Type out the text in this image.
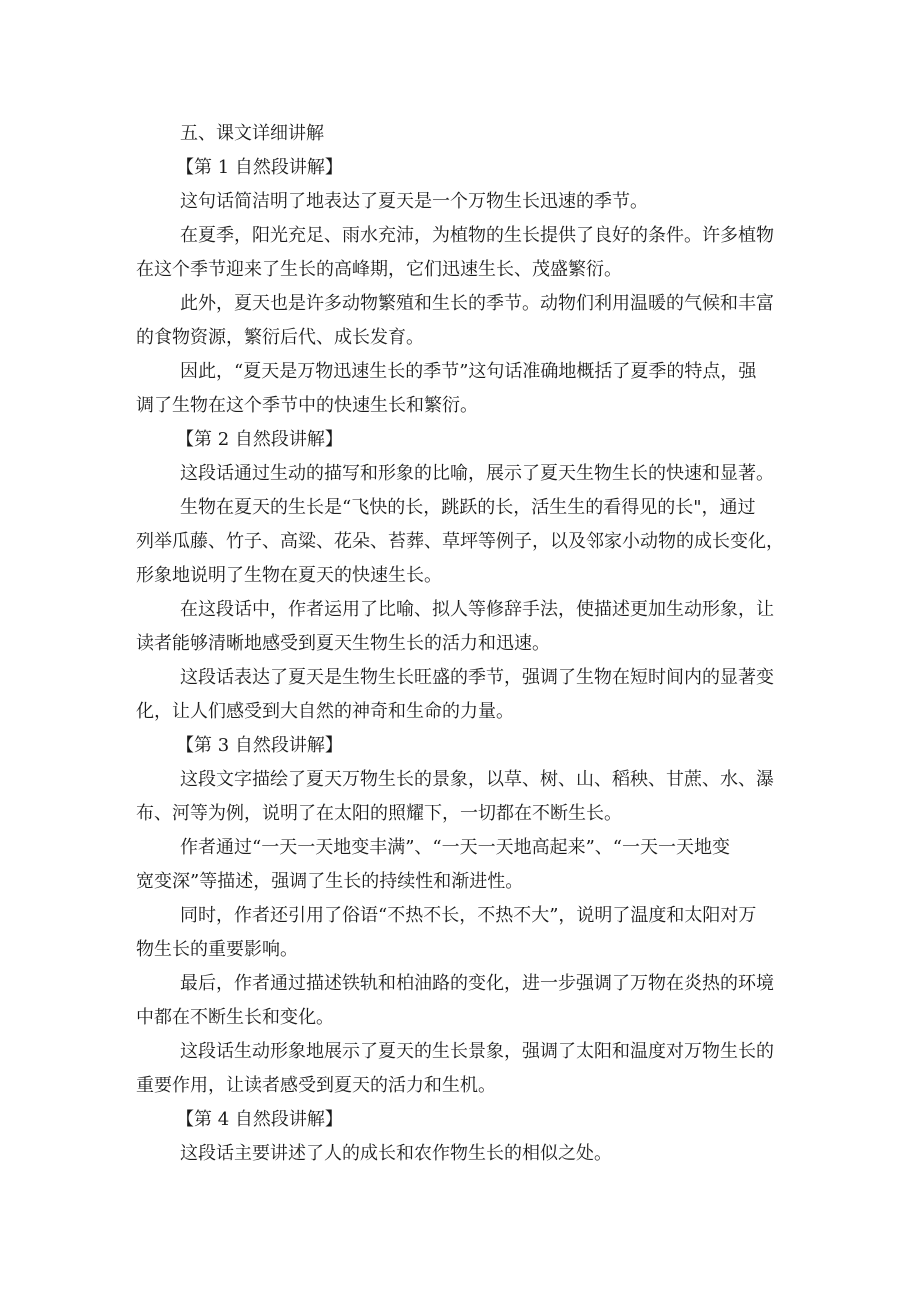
五、课文详细讲解

【第 1 自然段讲解】

这句话简洁明了地表达了夏天是一个万物生长迅速的季节。

在夏季，阳光充足、雨水充沛，为植物的生长提供了良好的条件。许多植物

在这个季节迎来了生长的高峰期，它们迅速生长、茂盛繁衍。

此外，夏天也是许多动物繁殖和生长的季节。动物们利用温暖的气候和丰富

的食物资源，繁衍后代、成长发育。

因此，“夏天是万物迅速生长的季节”这句话准确地概括了夏季的特点，强

调了生物在这个季节中的快速生长和繁衍。

【第 2 自然段讲解】

这段话通过生动的描写和形象的比喻，展示了夏天生物生长的快速和显著。

生物在夏天的生长是“飞快的长，跳跃的长，活生生的看得见的长"，通过

列举瓜藤、竹子、高粱、花朵、苔葬、草坪等例子，以及邻家小动物的成长变化，

形象地说明了生物在夏天的快速生长。

在这段话中，作者运用了比喻、拟人等修辞手法，使描述更加生动形象，让

读者能够清晰地感受到夏天生物生长的活力和迅速。

这段话表达了夏天是生物生长旺盛的季节，强调了生物在短时间内的显著变

化，让人们感受到大自然的神奇和生命的力量。

【第 3 自然段讲解】

这段文字描绘了夏天万物生长的景象，以草、树、山、稻秧、甘蔗、水、瀑

布、河等为例，说明了在太阳的照耀下，一切都在不断生长。

作者通过“一天一天地变丰满”、“一天一天地高起来”、“一天一天地变

宽变深”等描述，强调了生长的持续性和渐进性。

同时，作者还引用了俗语“不热不长，不热不大”，说明了温度和太阳对万

物生长的重要影响。

最后，作者通过描述铁轨和柏油路的变化，进一步强调了万物在炎热的环境

中都在不断生长和变化。

这段话生动形象地展示了夏天的生长景象，强调了太阳和温度对万物生长的

重要作用，让读者感受到夏天的活力和生机。

【第 4 自然段讲解】

这段话主要讲述了人的成长和农作物生长的相似之处。
